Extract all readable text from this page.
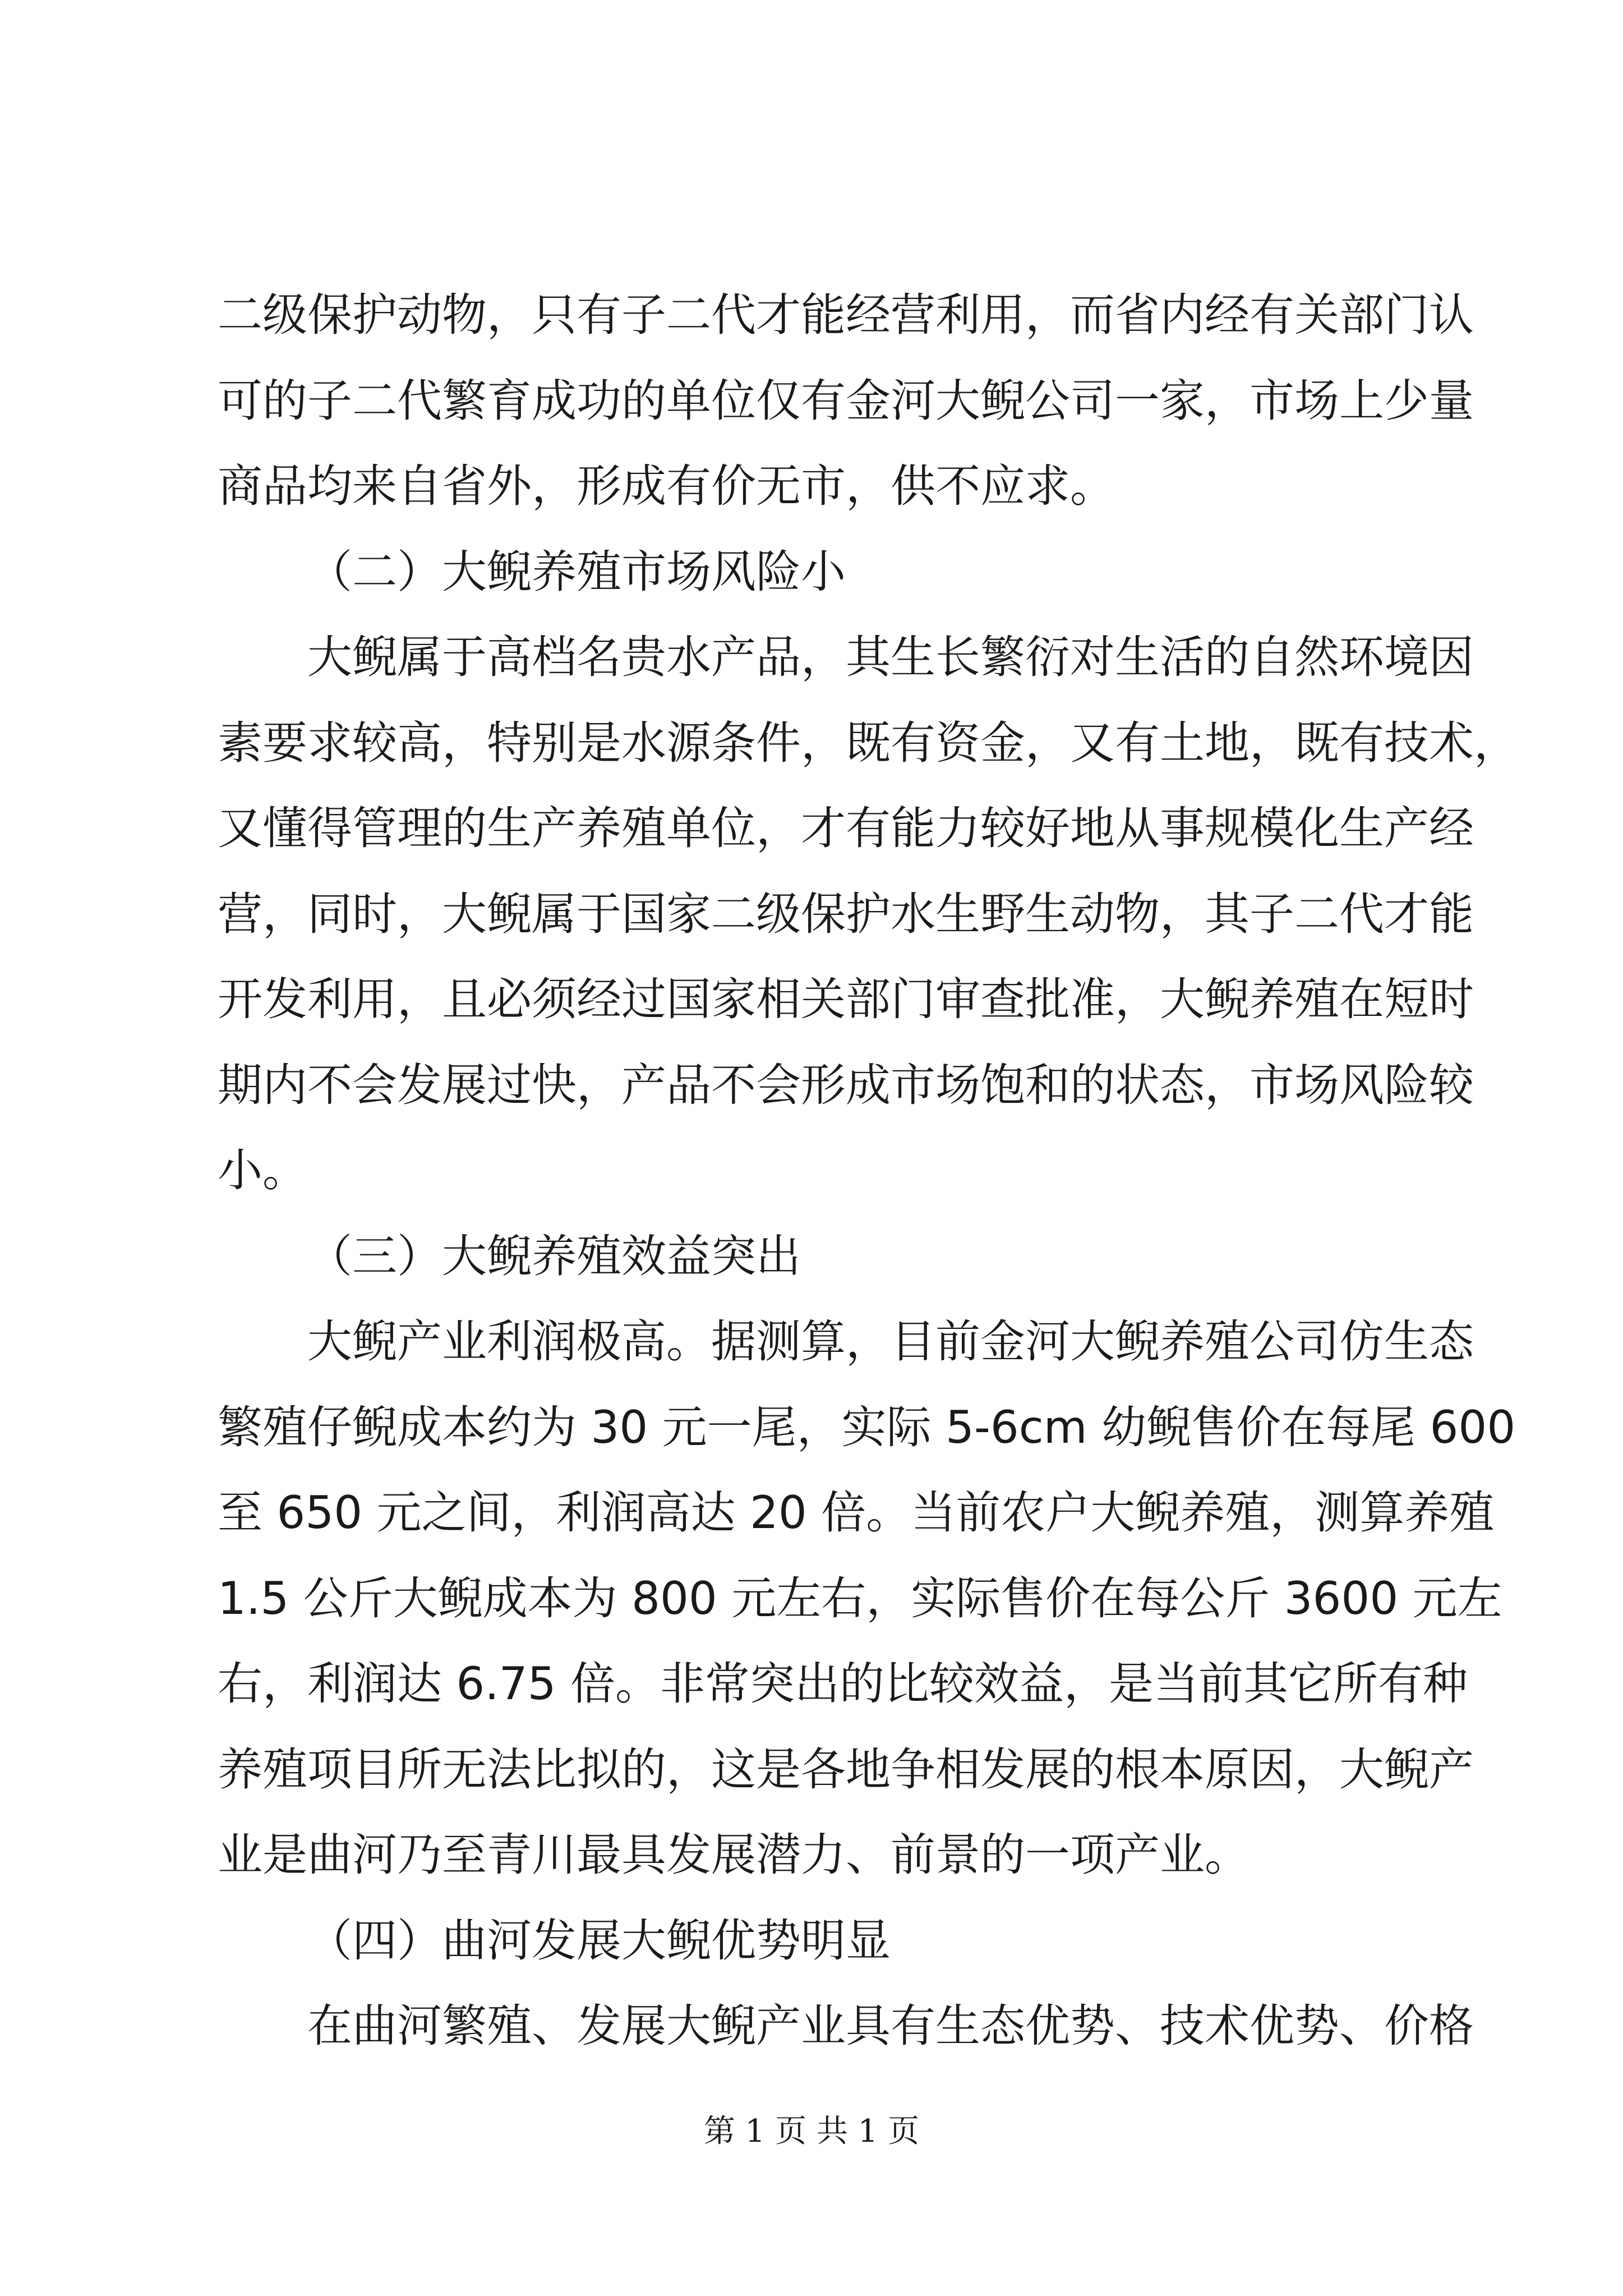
二级保护动物，只有子二代才能经营利用，而省内经有关部门认
可的子二代繁育成功的单位仅有金河大鲵公司一家，市场上少量
商品均来自省外，形成有价无市，供不应求。
（二）大鲵养殖市场风险小
大鲵属于高档名贵水产品，其生长繁衍对生活的自然环境因
素要求较高，特别是水源条件，既有资金，又有土地，既有技术，
又懂得管理的生产养殖单位，才有能力较好地从事规模化生产经
营，同时，大鲵属于国家二级保护水生野生动物，其子二代才能
开发利用，且必须经过国家相关部门审查批准，大鲵养殖在短时
期内不会发展过快，产品不会形成市场饱和的状态，市场风险较
小。
（三）大鲵养殖效益突出
大鲵产业利润极高。据测算，目前金河大鲵养殖公司仿生态
繁殖仔鲵成本约为 30 元一尾，实际 5-6cm 幼鲵售价在每尾 600
至 650 元之间，利润高达 20 倍。当前农户大鲵养殖，测算养殖
1.5 公斤大鲵成本为 800 元左右，实际售价在每公斤 3600 元左
右，利润达 6.75 倍。非常突出的比较效益，是当前其它所有种
养殖项目所无法比拟的，这是各地争相发展的根本原因，大鲵产
业是曲河乃至青川最具发展潜力、前景的一项产业。
（四）曲河发展大鲵优势明显
在曲河繁殖、发展大鲵产业具有生态优势、技术优势、价格
第 1 页 共 1 页
